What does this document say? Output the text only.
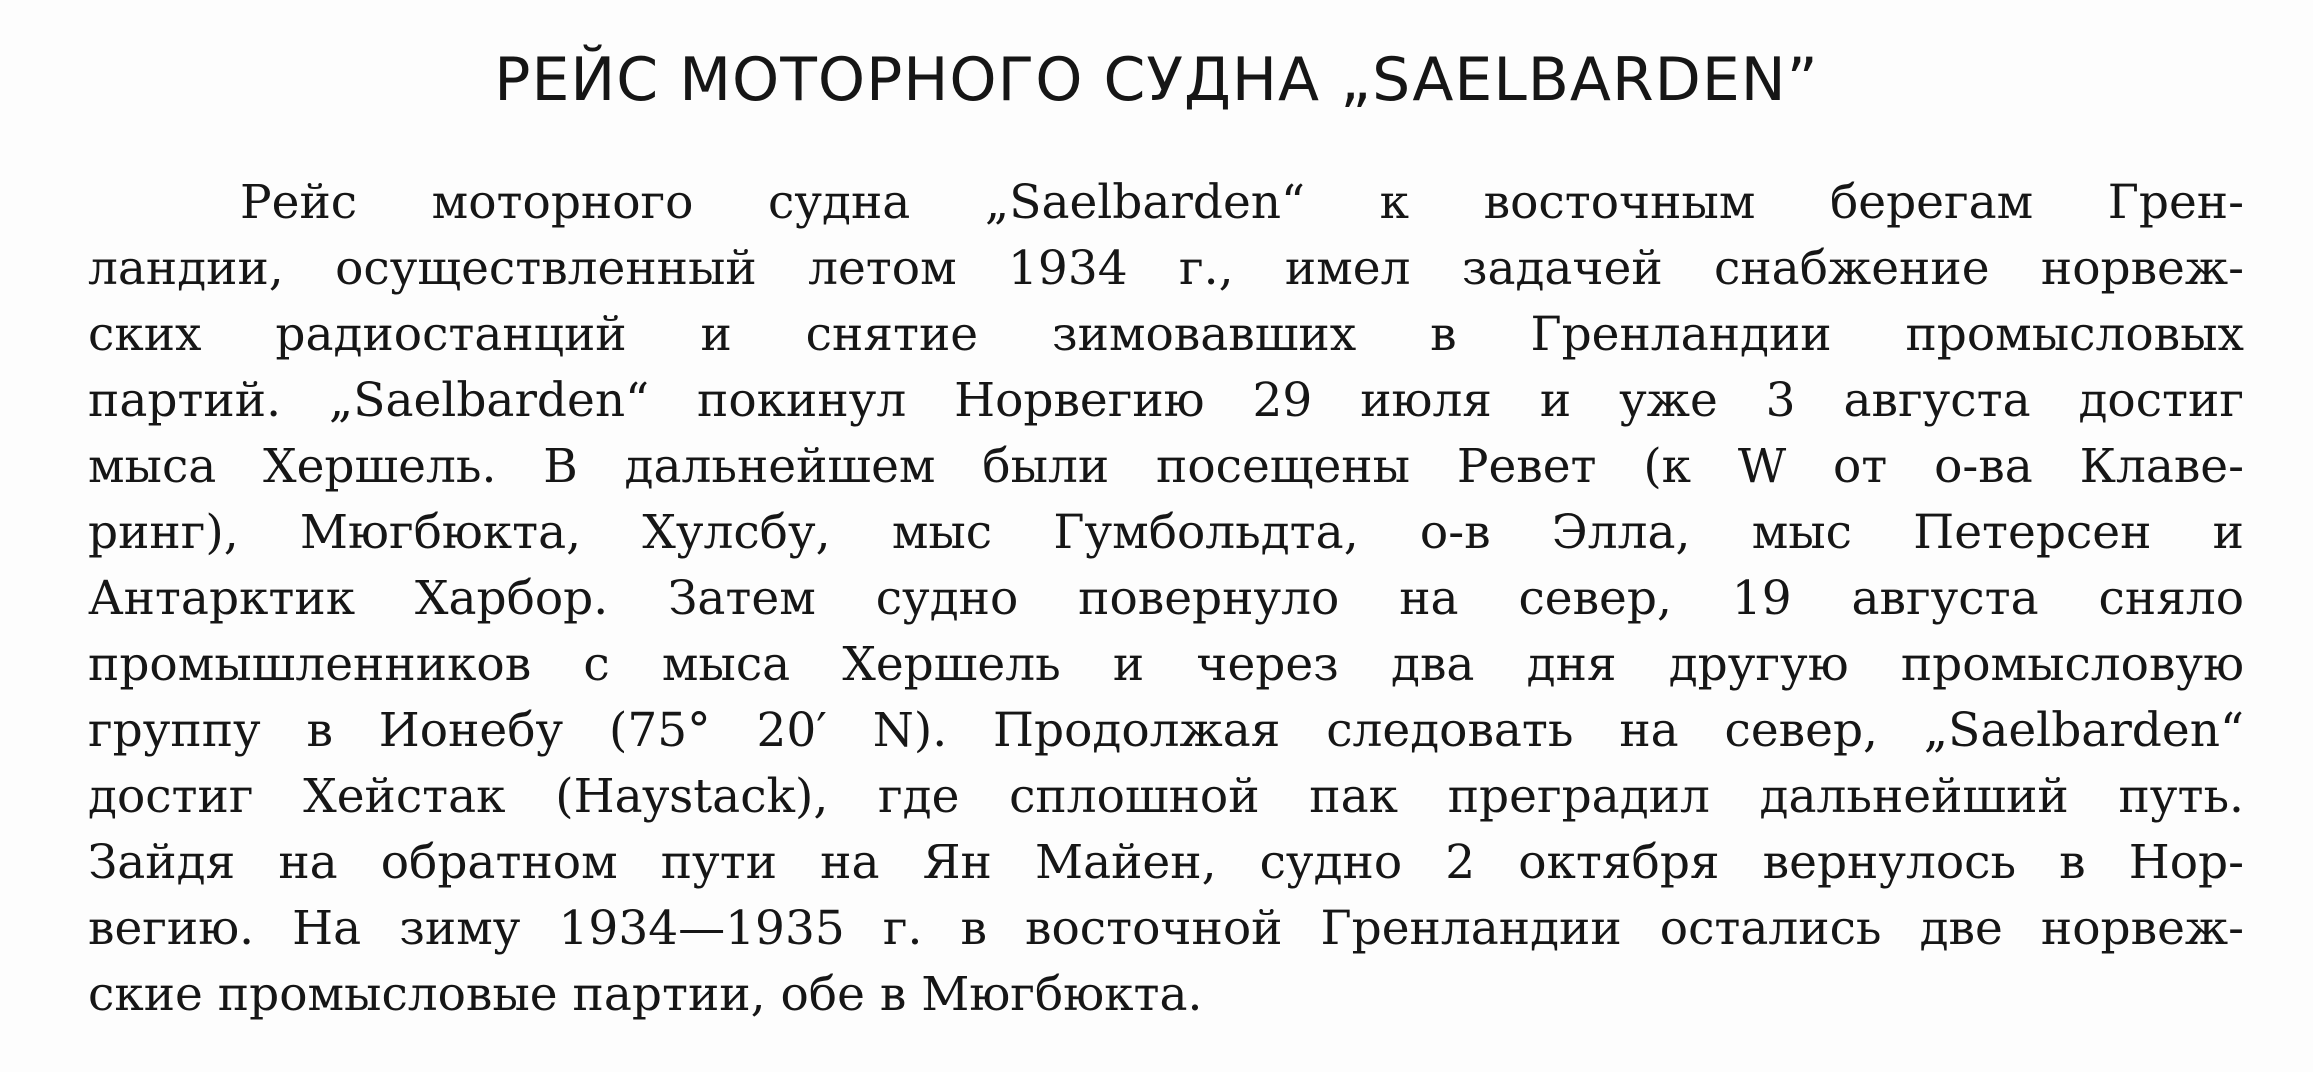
РЕЙС МОТОРНОГО СУДНА „SAELBARDEN”
Рейс моторного судна „Saelbarden“ к восточным берегам Грен-
ландии, осуществленный летом 1934 г., имел задачей снабжение норвеж-
ских радиостанций и снятие зимовавших в Гренландии промысловых
партий. „Saelbarden“ покинул Норвегию 29 июля и уже 3 августа достиг
мыса Хершель. В дальнейшем были посещены Ревет (к W от о-ва Клаве-
ринг), Мюгбюкта, Хулсбу, мыс Гумбольдта, о-в Элла, мыс Петерсен и
Антарктик Харбор. Затем судно повернуло на север, 19 августа сняло
промышленников с мыса Хершель и через два дня другую промысловую
группу в Ионебу (75° 20′ N). Продолжая следовать на север, „Saelbarden“
достиг Хейстак (Haystack), где сплошной пак преградил дальнейший путь.
Зайдя на обратном пути на Ян Майен, судно 2 октября вернулось в Нор-
вегию. На зиму 1934—1935 г. в восточной Гренландии остались две норвеж-
ские промысловые партии, обе в Мюгбюкта.
